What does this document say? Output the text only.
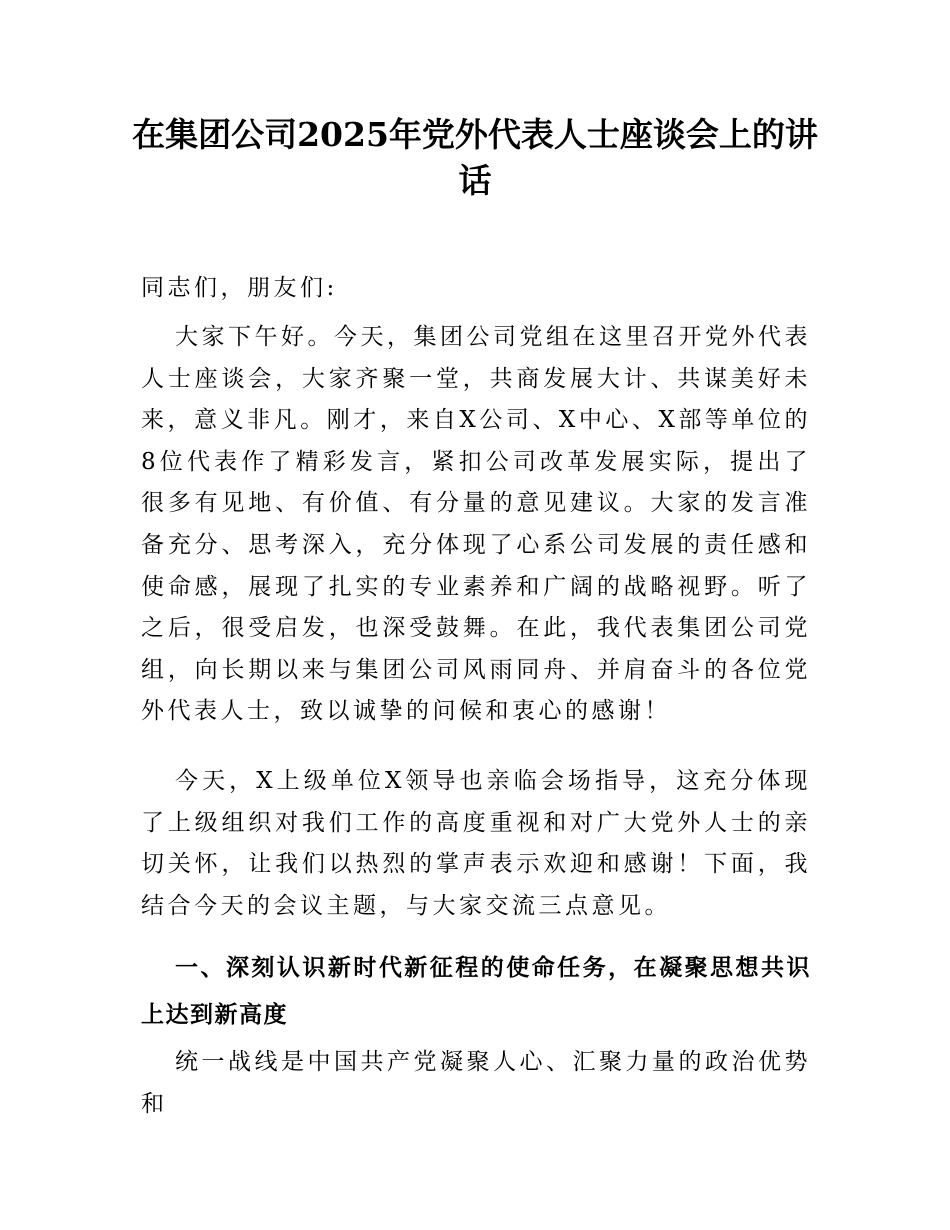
在集团公司2025年党外代表人士座谈会上的讲话
同志们，朋友们:
大家下午好。今天，集团公司党组在这里召开党外代表人士座谈会，大家齐聚一堂，共商发展大计、共谋美好未来，意义非凡。刚才，来自X公司、X中心、X部等单位的8位代表作了精彩发言，紧扣公司改革发展实际，提出了很多有见地、有价值、有分量的意见建议。大家的发言准备充分、思考深入，充分体现了心系公司发展的责任感和使命感，展现了扎实的专业素养和广阔的战略视野。听了之后，很受启发，也深受鼓舞。在此，我代表集团公司党组，向长期以来与集团公司风雨同舟、并肩奋斗的各位党外代表人士，致以诚挚的问候和衷心的感谢！
今天，X上级单位X领导也亲临会场指导，这充分体现了上级组织对我们工作的高度重视和对广大党外人士的亲切关怀，让我们以热烈的掌声表示欢迎和感谢！下面，我结合今天的会议主题，与大家交流三点意见。
一、深刻认识新时代新征程的使命任务，在凝聚思想共识上达到新高度
统一战线是中国共产党凝聚人心、汇聚力量的政治优势和
